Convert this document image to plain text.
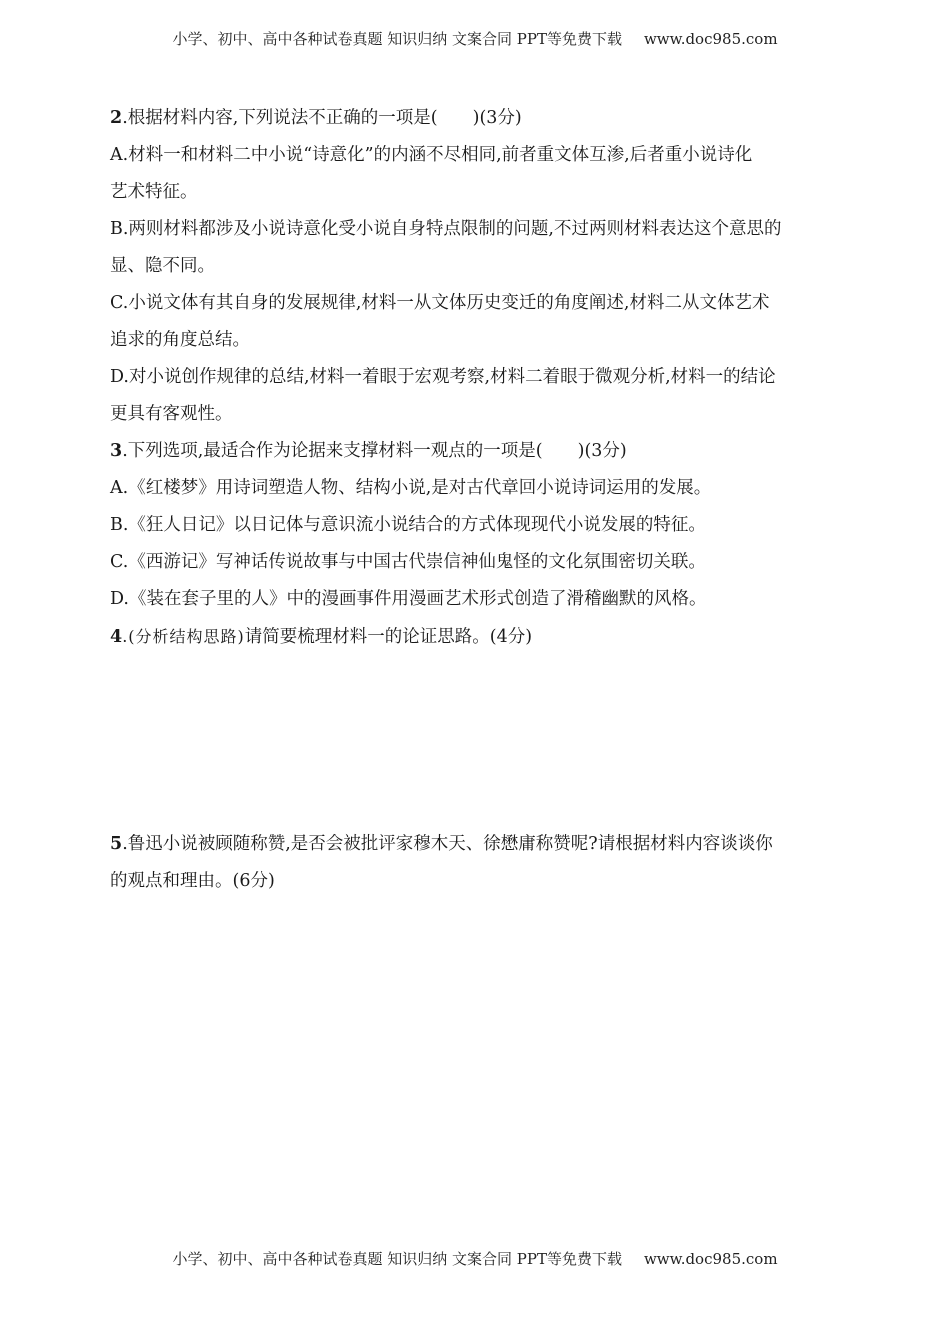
小学、初中、高中各种试卷真题 知识归纳 文案合同 PPT等免费下载 www.doc985.com
2.根据材料内容,下列说法不正确的一项是(　　)(3分)
A.材料一和材料二中小说“诗意化”的内涵不尽相同,前者重文体互渗,后者重小说诗化
艺术特征。
B.两则材料都涉及小说诗意化受小说自身特点限制的问题,不过两则材料表达这个意思的
显、隐不同。
C.小说文体有其自身的发展规律,材料一从文体历史变迁的角度阐述,材料二从文体艺术
追求的角度总结。
D.对小说创作规律的总结,材料一着眼于宏观考察,材料二着眼于微观分析,材料一的结论
更具有客观性。
3.下列选项,最适合作为论据来支撑材料一观点的一项是(　　)(3分)
A.《红楼梦》用诗词塑造人物、结构小说,是对古代章回小说诗词运用的发展。
B.《狂人日记》以日记体与意识流小说结合的方式体现现代小说发展的特征。
C.《西游记》写神话传说故事与中国古代崇信神仙鬼怪的文化氛围密切关联。
D.《装在套子里的人》中的漫画事件用漫画艺术形式创造了滑稽幽默的风格。
4.(分析结构思路)请简要梳理材料一的论证思路。(4分)
5.鲁迅小说被顾随称赞,是否会被批评家穆木天、徐懋庸称赞呢?请根据材料内容谈谈你
的观点和理由。(6分)
小学、初中、高中各种试卷真题 知识归纳 文案合同 PPT等免费下载 www.doc985.com
